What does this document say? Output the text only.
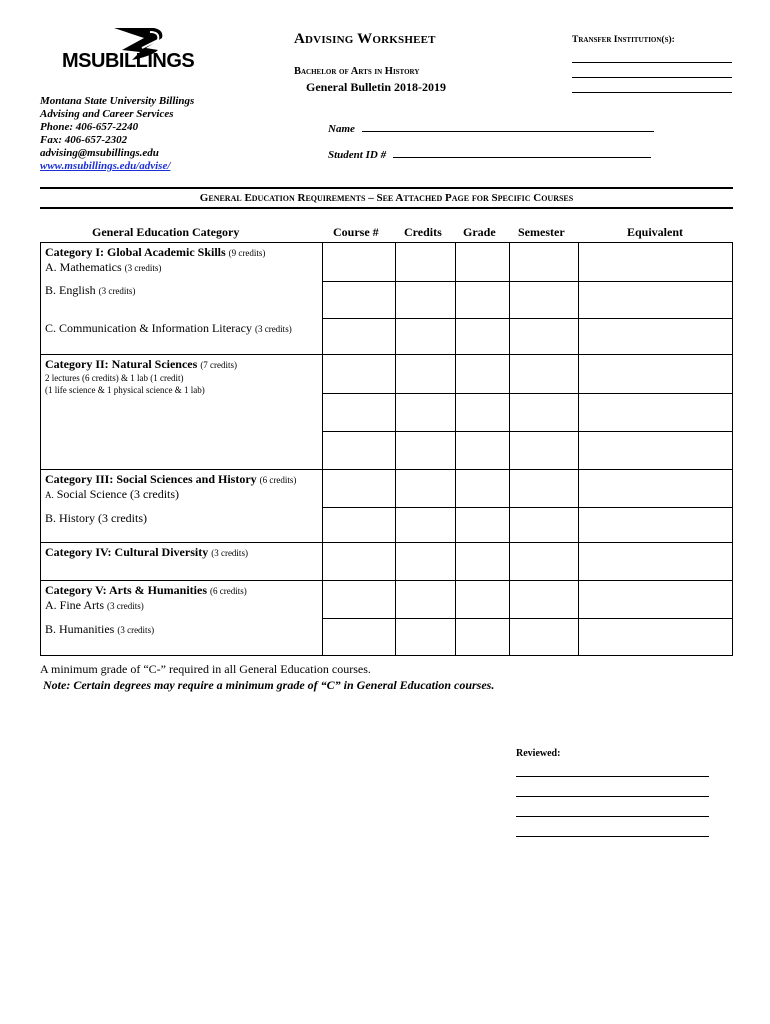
MSUBILLINGS
Montana State University Billings
Advising and Career Services
Phone: 406-657-2240
Fax: 406-657-2302
advising@msubillings.edu
www.msubillings.edu/advise/
Advising Worksheet
Bachelor of Arts in History
General Bulletin 2018-2019
Transfer Institution(s):
Name
Student ID #
General Education Requirements – See Attached Page for Specific Courses
General Education Category	Course # Credits Grade Semester	Equivalent
Category I: Global Academic Skills (9 credits)
A. Mathematics (3 credits)
B. English (3 credits)
C. Communication & Information Literacy (3 credits)					

Category II: Natural Sciences (7 credits)
2 lectures (6 credits) & 1 lab (1 credit)
(1 life science & 1 physical science & 1 lab)					

Category III: Social Sciences and History (6 credits)
A. Social Science (3 credits)
B. History (3 credits)					

Category IV: Cultural Diversity (3 credits)					

Category V: Arts & Humanities (6 credits)
A. Fine Arts (3 credits)
B. Humanities (3 credits)					

A minimum grade of “C-” required in all General Education courses.
Note: Certain degrees may require a minimum grade of “C” in General Education courses.
Reviewed:
